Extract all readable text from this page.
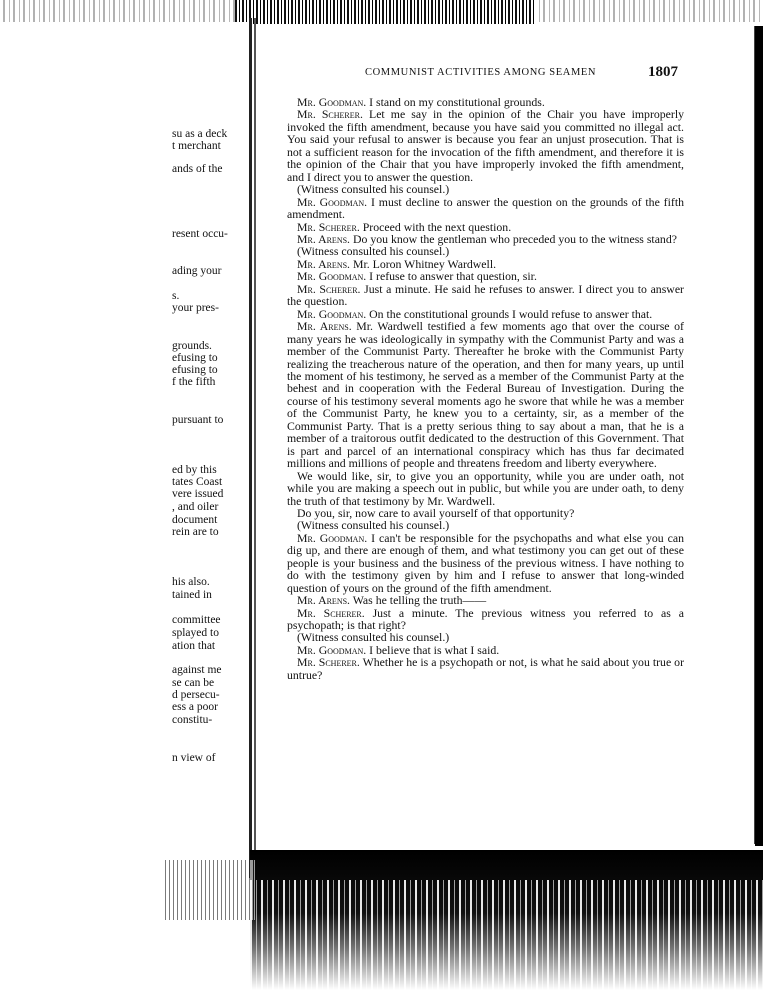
su as a deck
t merchant
ands of the
resent occu-
ading your
s.
your pres-
grounds.
efusing to
efusing to
f the fifth
pursuant to
ed by this
tates Coast
vere issued
, and oiler
document
rein are to
his also.
tained in
committee
splayed to
ation that
against me
se can be
d persecu-
ess a poor
constitu-
n view of
COMMUNIST ACTIVITIES AMONG SEAMEN	1807

Mr. Goodman. I stand on my constitutional grounds.

Mr. Scherer. Let me say in the opinion of the Chair you have improperly invoked the fifth amendment, because you have said you committed no illegal act. You said your refusal to answer is because you fear an unjust prosecution. That is not a sufficient reason for the invocation of the fifth amendment, and therefore it is the opinion of the Chair that you have improperly invoked the fifth amendment, and I direct you to answer the question.

(Witness consulted his counsel.)

Mr. Goodman. I must decline to answer the question on the grounds of the fifth amendment.

Mr. Scherer. Proceed with the next question.

Mr. Arens. Do you know the gentleman who preceded you to the witness stand?

(Witness consulted his counsel.)

Mr. Arens. Mr. Loron Whitney Wardwell.

Mr. Goodman. I refuse to answer that question, sir.

Mr. Scherer. Just a minute. He said he refuses to answer. I direct you to answer the question.

Mr. Goodman. On the constitutional grounds I would refuse to answer that.

Mr. Arens. Mr. Wardwell testified a few moments ago that over the course of many years he was ideologically in sympathy with the Communist Party and was a member of the Communist Party. Thereafter he broke with the Communist Party realizing the treacherous nature of the operation, and then for many years, up until the moment of his testimony, he served as a member of the Communist Party at the behest and in cooperation with the Federal Bureau of Investigation. During the course of his testimony several moments ago he swore that while he was a member of the Communist Party, he knew you to a certainty, sir, as a member of the Communist Party. That is a pretty serious thing to say about a man, that he is a member of a traitorous outfit dedicated to the destruction of this Government. That is part and parcel of an international conspiracy which has thus far decimated millions and millions of people and threatens freedom and liberty everywhere.

We would like, sir, to give you an opportunity, while you are under oath, not while you are making a speech out in public, but while you are under oath, to deny the truth of that testimony by Mr. Wardwell.

Do you, sir, now care to avail yourself of that opportunity?

(Witness consulted his counsel.)

Mr. Goodman. I can't be responsible for the psychopaths and what else you can dig up, and there are enough of them, and what testimony you can get out of these people is your business and the business of the previous witness. I have nothing to do with the testimony given by him and I refuse to answer that long-winded question of yours on the ground of the fifth amendment.

Mr. Arens. Was he telling the truth——

Mr. Scherer. Just a minute. The previous witness you referred to as a psychopath; is that right?

(Witness consulted his counsel.)

Mr. Goodman. I believe that is what I said.

Mr. Scherer. Whether he is a psychopath or not, is what he said about you true or untrue?
